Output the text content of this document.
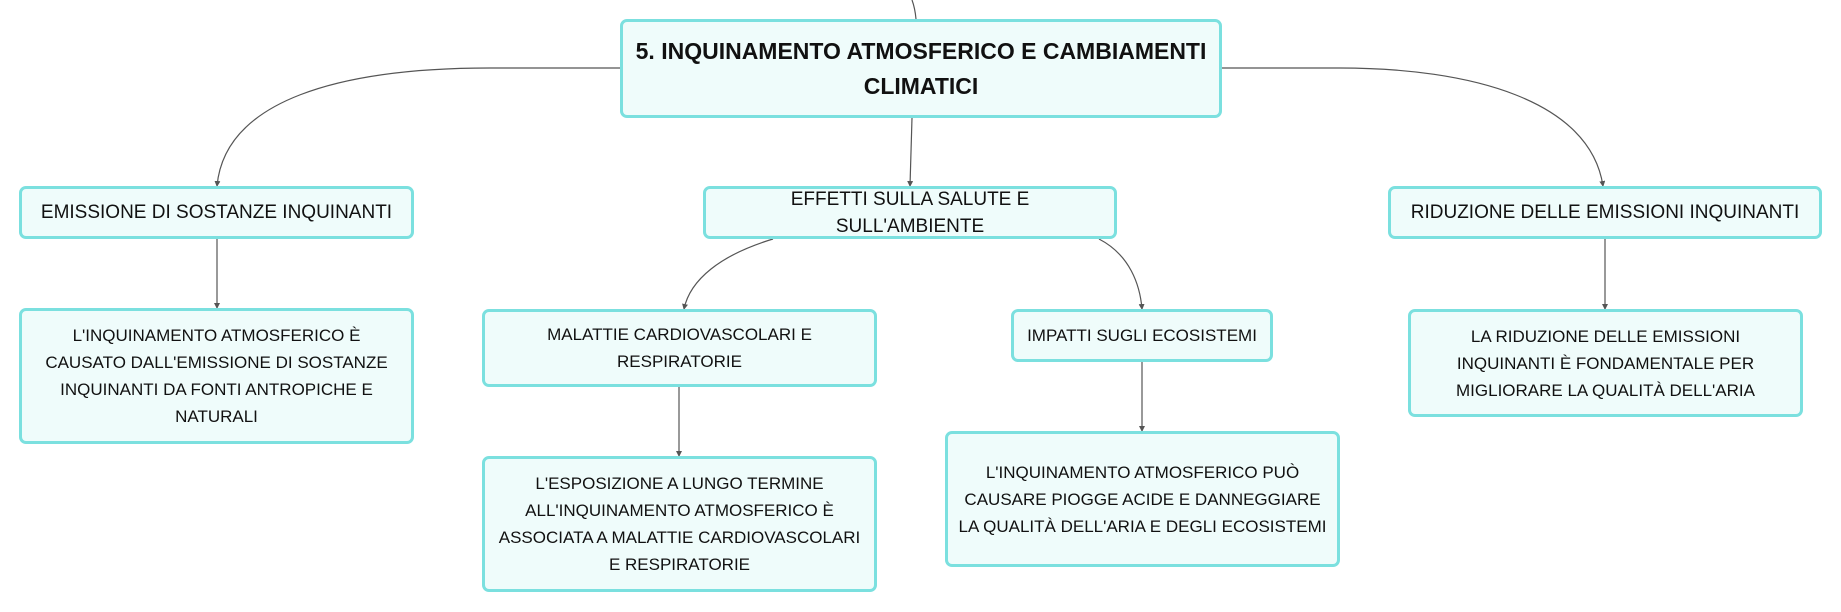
5. INQUINAMENTO ATMOSFERICO E CAMBIAMENTI CLIMATICI
EMISSIONE DI SOSTANZE INQUINANTI
EFFETTI SULLA SALUTE E SULL'AMBIENTE
RIDUZIONE DELLE EMISSIONI INQUINANTI
L'INQUINAMENTO ATMOSFERICO È CAUSATO DALL'EMISSIONE DI SOSTANZE INQUINANTI DA FONTI ANTROPICHE E NATURALI
MALATTIE CARDIOVASCOLARI E RESPIRATORIE
IMPATTI SUGLI ECOSISTEMI	LA RIDUZIONE DELLE EMISSIONI INQUINANTI È FONDAMENTALE PER MIGLIORARE LA QUALITÀ DELL'ARIA
L'ESPOSIZIONE A LUNGO TERMINE ALL'INQUINAMENTO ATMOSFERICO È ASSOCIATA A MALATTIE CARDIOVASCOLARI E RESPIRATORIE
L'INQUINAMENTO ATMOSFERICO PUÒ CAUSARE PIOGGE ACIDE E DANNEGGIARE LA QUALITÀ DELL'ARIA E DEGLI ECOSISTEMI
